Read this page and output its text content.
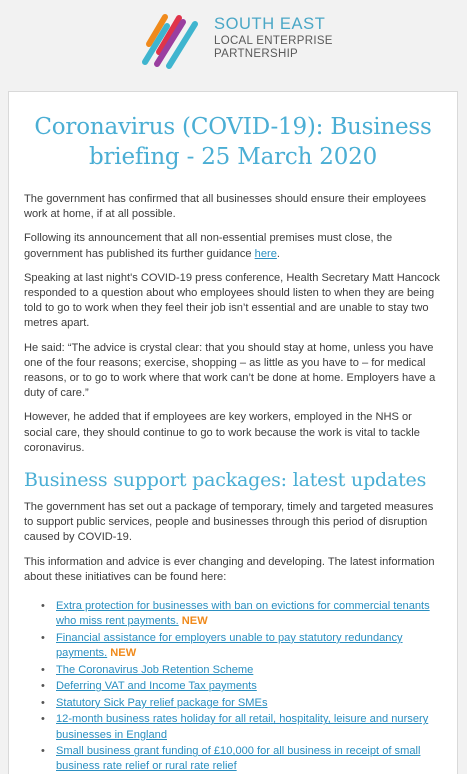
SOUTH EAST
LOCAL ENTERPRISE
PARTNERSHIP
Coronavirus (COVID-19): Business briefing - 25 March 2020

The government has confirmed that all businesses should ensure their employees work at home, if at all possible.

Following its announcement that all non-essential premises must close, the government has published its further guidance here.

Speaking at last night's COVID-19 press conference, Health Secretary Matt Hancock responded to a question about who employees should listen to when they are being told to go to work when they feel their job isn’t essential and are unable to stay two metres apart.

He said: “The advice is crystal clear: that you should stay at home, unless you have one of the four reasons; exercise, shopping – as little as you have to – for medical reasons, or to go to work where that work can’t be done at home. Employers have a duty of care.”

However, he added that if employees are key workers, employed in the NHS or social care, they should continue to go to work because the work is vital to tackle coronavirus.

Business support packages: latest updates

The government has set out a package of temporary, timely and targeted measures to support public services, people and businesses through this period of disruption caused by COVID-19.

This information and advice is ever changing and developing. The latest information about these initiatives can be found here:

• Extra protection for businesses with ban on evictions for commercial tenants who miss rent payments. NEW
• Financial assistance for employers unable to pay statutory redundancy payments. NEW
• The Coronavirus Job Retention Scheme
• Deferring VAT and Income Tax payments
• Statutory Sick Pay relief package for SMEs
• 12-month business rates holiday for all retail, hospitality, leisure and nursery businesses in England
• Small business grant funding of £10,000 for all business in receipt of small business rate relief or rural rate relief
